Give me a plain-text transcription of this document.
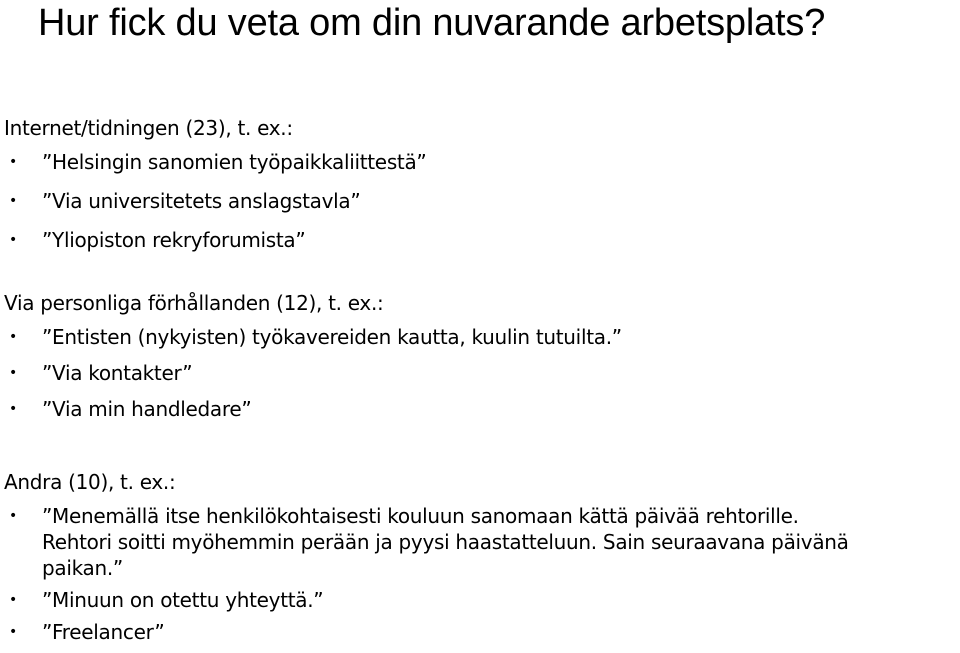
Hur fick du veta om din nuvarande arbetsplats?
Internet/tidningen (23), t. ex.:
• ”Helsingin sanomien työpaikkaliittestä”
• ”Via universitetets anslagstavla”
• ”Yliopiston rekryforumista”
Via personliga förhållanden (12), t. ex.:
• ”Entisten (nykyisten) työkavereiden kautta, kuulin tutuilta.”
• ”Via kontakter”
• ”Via min handledare”
Andra (10), t. ex.:
• ”Menemällä itse henkilökohtaisesti kouluun sanomaan kättä päivää rehtorille.
Rehtori soitti myöhemmin perään ja pyysi haastatteluun. Sain seuraavana päivänä
paikan.”
• ”Minuun on otettu yhteyttä.”
• ”Freelancer”
